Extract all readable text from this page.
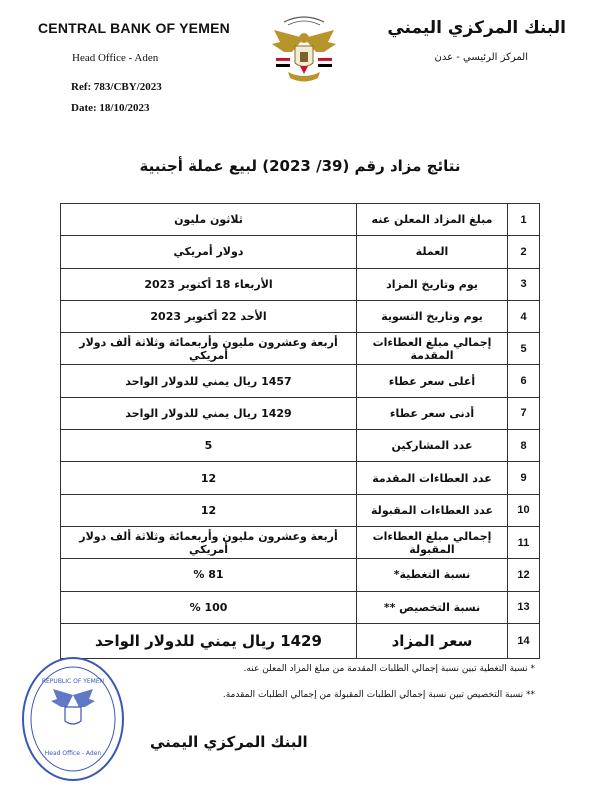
CENTRAL BANK OF YEMEN
Head Office - Aden
Ref: 783/CBY/2023
Date: 18/10/2023
البنك المركزي اليمني
المركز الرئيسي - عدن
نتائج مزاد رقم (39/ 2023) لبيع عملة أجنبية
1	مبلغ المزاد المعلن عنه	ثلاثون مليون
2	العملة	دولار أمريكي
3	يوم وتاريخ المزاد	الأربعاء 18 أكتوبر 2023
4	يوم وتاريخ التسوية	الأحد 22 أكتوبر 2023
5	إجمالي مبلغ العطاءات المقدمة	أربعة وعشرون مليون وأربعمائة وثلاثة ألف دولار أمريكي
6	أعلى سعر عطاء	1457 ريال يمني للدولار الواحد
7	أدنى سعر عطاء	1429 ريال يمني للدولار الواحد
8	عدد المشاركين	5
9	عدد العطاءات المقدمة	12
10	عدد العطاءات المقبولة	12
11	إجمالي مبلغ العطاءات المقبولة	أربعة وعشرون مليون وأربعمائة وثلاثة ألف دولار أمريكي
12	نسبة التغطية*	81 %
13	نسبة التخصيص **	100 %
14	سعر المزاد	1429 ريال يمني للدولار الواحد
* نسبة التغطية تبين نسبة إجمالي الطلبات المقدمة من مبلغ المزاد المعلن عنه.
** نسبة التخصيص تبين نسبة إجمالي الطلبات المقبولة من إجمالي الطلبات المقدمة.
REPUBLIC OF YEMEN
Head Office - Aden
البنك المركزي اليمني
